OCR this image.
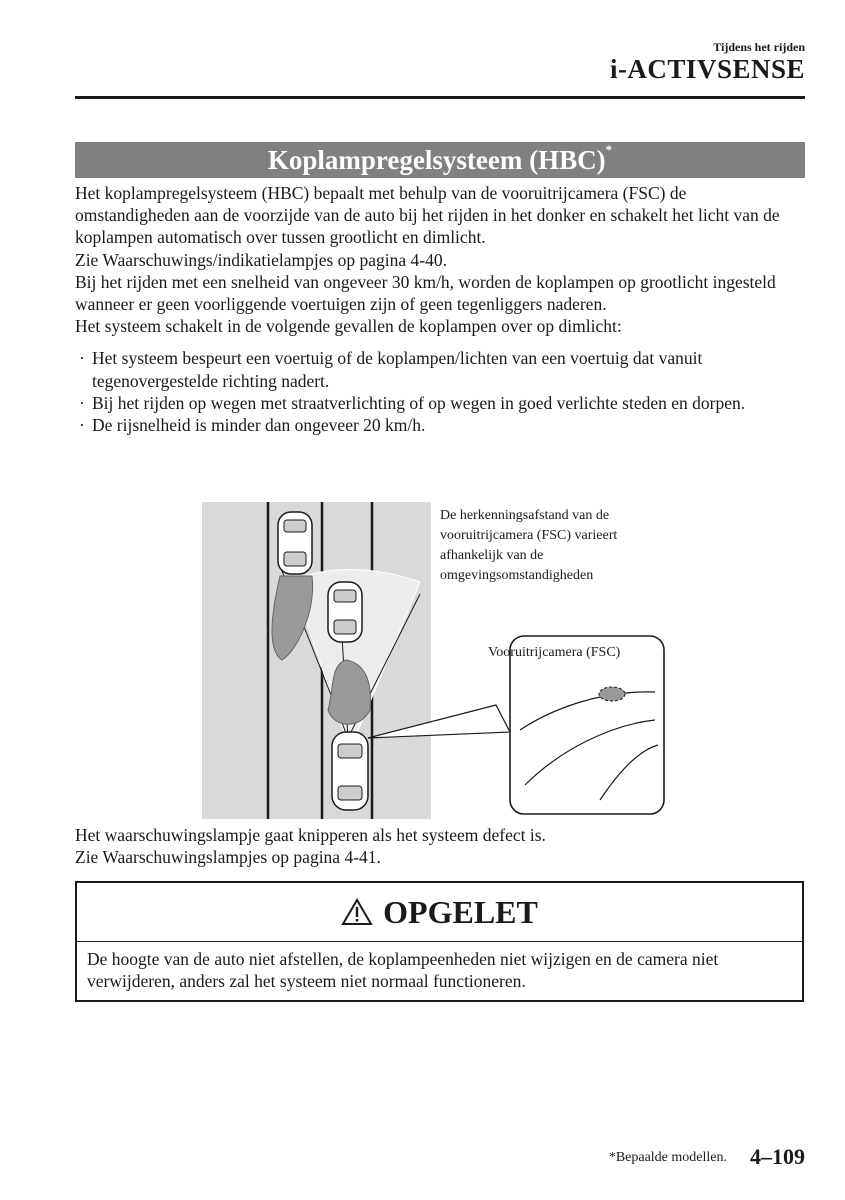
Tijdens het rijden
i-ACTIVSENSE
Koplampregelsysteem (HBC)*

Het koplampregelsysteem (HBC) bepaalt met behulp van de vooruitrijcamera (FSC) de omstandigheden aan de voorzijde van de auto bij het rijden in het donker en schakelt het licht van de koplampen automatisch over tussen grootlicht en dimlicht.

Zie Waarschuwings/indikatielampjes op pagina 4-40.

Bij het rijden met een snelheid van ongeveer 30 km/h, worden de koplampen op grootlicht ingesteld wanneer er geen voorliggende voertuigen zijn of geen tegenliggers naderen.

Het systeem schakelt in de volgende gevallen de koplampen over op dimlicht:

· Het systeem bespeurt een voertuig of de koplampen/lichten van een voertuig dat vanuit tegenovergestelde richting nadert.
· Bij het rijden op wegen met straatverlichting of op wegen in goed verlichte steden en dorpen.
· De rijsnelheid is minder dan ongeveer 20 km/h.
De herkenningsafstand van de
vooruitrijcamera (FSC) varieert
afhankelijk van de
omgevingsomstandigheden
Vooruitrijcamera (FSC)

Het waarschuwingslampje gaat knipperen als het systeem defect is.

Zie Waarschuwingslampjes op pagina 4-41.

OPGELET
De hoogte van de auto niet afstellen, de koplampeenheden niet wijzigen en de camera niet verwijderen, anders zal het systeem niet normaal functioneren.
*Bepaalde modellen. 4–109
